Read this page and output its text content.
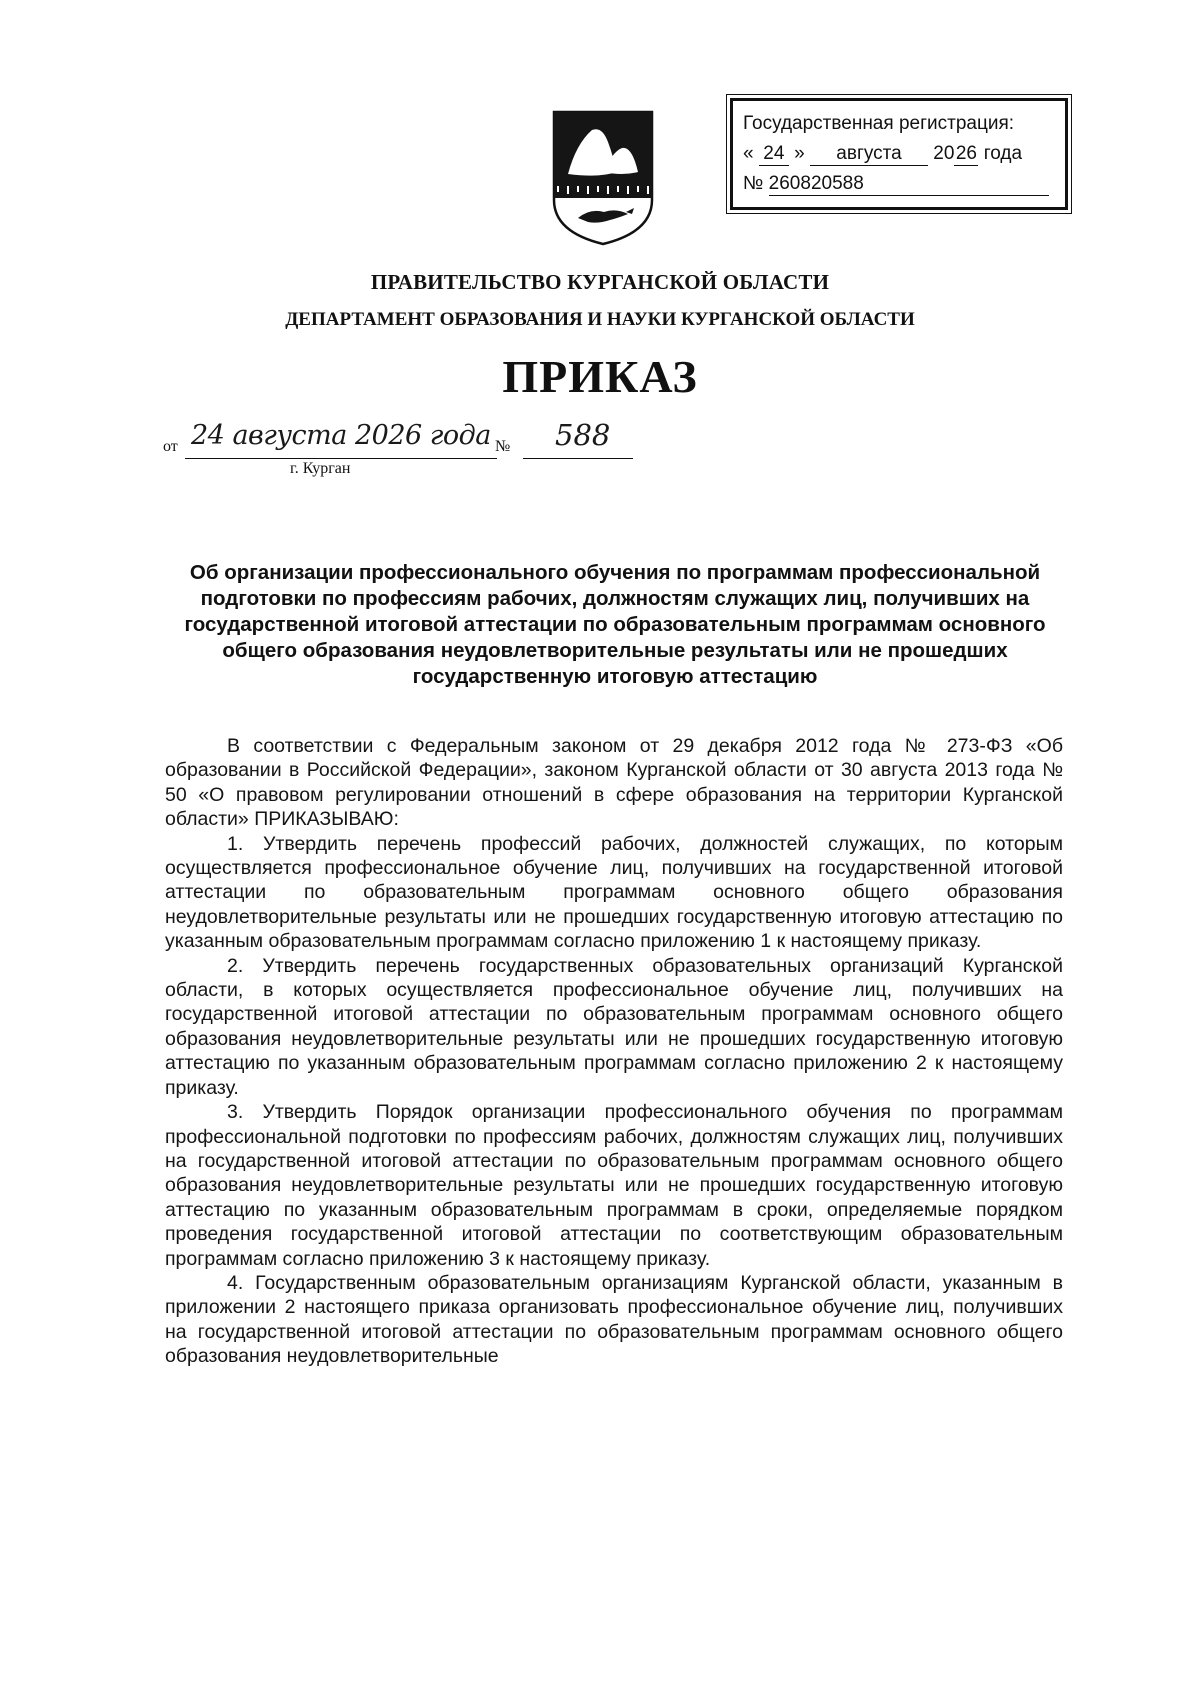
Государственная регистрация:
« 24 » августа 2026 года
№ 260820588
ПРАВИТЕЛЬСТВО КУРГАНСКОЙ ОБЛАСТИ
ДЕПАРТАМЕНТ ОБРАЗОВАНИЯ И НАУКИ КУРГАНСКОЙ ОБЛАСТИ
ПРИКАЗ
от 24 августа 2026 года № 588
г. Курган
Об организации профессионального обучения по программам профессиональной подготовки по профессиям рабочих, должностям служащих лиц, получивших на государственной итоговой аттестации по образовательным программам основного общего образования неудовлетворительные результаты или не прошедших государственную итоговую аттестацию

В соответствии с Федеральным законом от 29 декабря 2012 года № 273-ФЗ «Об образовании в Российской Федерации», законом Курганской области от 30 августа 2013 года № 50 «О правовом регулировании отношений в сфере образования на территории Курганской области» ПРИКАЗЫВАЮ:

1. Утвердить перечень профессий рабочих, должностей служащих, по которым осуществляется профессиональное обучение лиц, получивших на государственной итоговой аттестации по образовательным программам основного общего образования неудовлетворительные результаты или не прошедших государственную итоговую аттестацию по указанным образовательным программам согласно приложению 1 к настоящему приказу.

2. Утвердить перечень государственных образовательных организаций Курганской области, в которых осуществляется профессиональное обучение лиц, получивших на государственной итоговой аттестации по образовательным программам основного общего образования неудовлетворительные результаты или не прошедших государственную итоговую аттестацию по указанным образовательным программам согласно приложению 2 к настоящему приказу.

3. Утвердить Порядок организации профессионального обучения по программам профессиональной подготовки по профессиям рабочих, должностям служащих лиц, получивших на государственной итоговой аттестации по образовательным программам основного общего образования неудовлетворительные результаты или не прошедших государственную итоговую аттестацию по указанным образовательным программам в сроки, определяемые порядком проведения государственной итоговой аттестации по соответствующим образовательным программам согласно приложению 3 к настоящему приказу.

4. Государственным образовательным организациям Курганской области, указанным в приложении 2 настоящего приказа организовать профессиональное обучение лиц, получивших на государственной итоговой аттестации по образовательным программам основного общего образования неудовлетворительные
